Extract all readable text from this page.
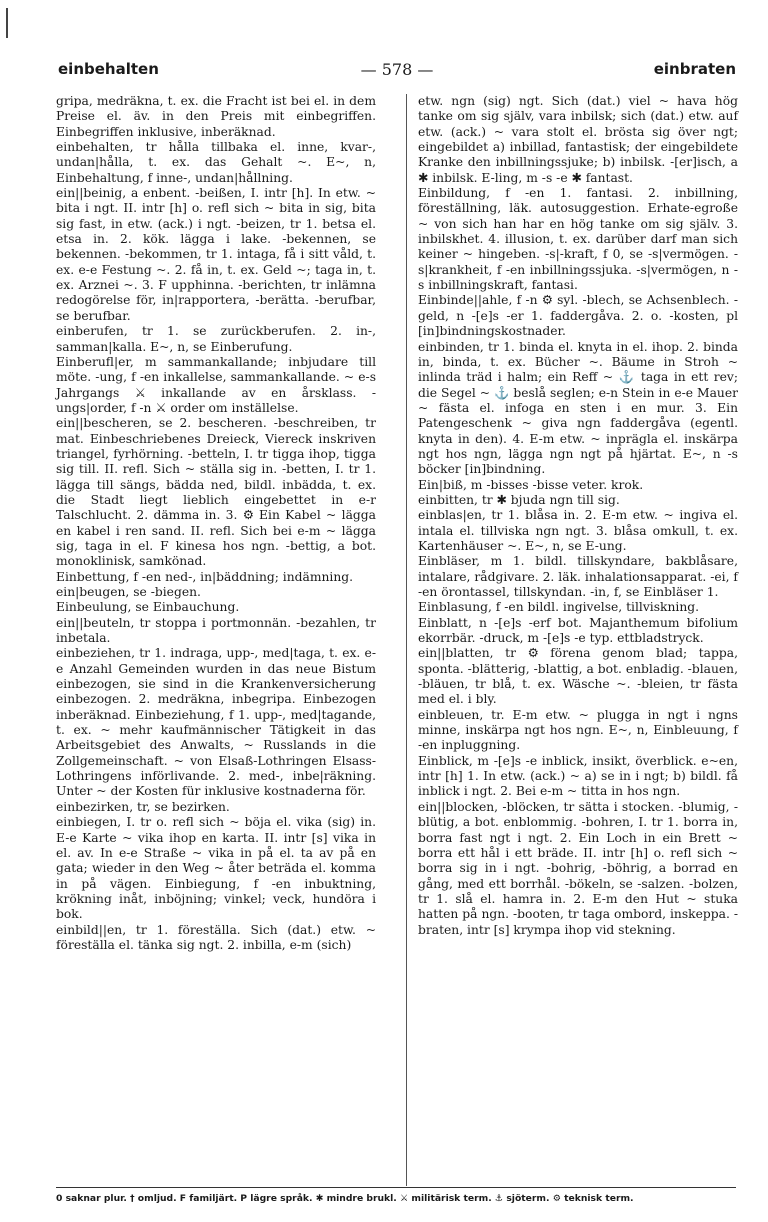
einbehalten	— 578 —	einbraten

gripa, medräkna, t. ex. die Fracht ist bei el. in dem Preise el. äv. in den Preis mit einbegriffen. Einbegriffen inklusive, inberäknad.

einbehalten, tr hålla tillbaka el. inne, kvar-, undan|hålla, t. ex. das Gehalt ~. E~, n, Einbehaltung, f inne-, undan|hållning.

ein||beinig, a enbent. -beißen, I. intr [h]. In etw. ~ bita i ngt. II. intr [h] o. refl sich ~ bita in sig, bita sig fast, in etw. (ack.) i ngt. -beizen, tr 1. betsa el. etsa in. 2. kök. lägga i lake. -bekennen, se bekennen. -bekommen, tr 1. intaga, få i sitt våld, t. ex. e-e Festung ~. 2. få in, t. ex. Geld ~; taga in, t. ex. Arznei ~. 3. F upphinna. -berichten, tr inlämna redogörelse för, in|rapportera, -berätta. -berufbar, se berufbar.

einberufen, tr 1. se zurückberufen. 2. in-, samman|kalla. E~, n, se Einberufung.

Einberufl|er, m sammankallande; inbjudare till möte. -ung, f -en inkallelse, sammankallande. ~ e-s Jahrgangs ⚔ inkallande av en årsklass. -ungs|order, f -n ⚔ order om inställelse.

ein||bescheren, se 2. bescheren. -beschreiben, tr mat. Einbeschriebenes Dreieck, Viereck inskriven triangel, fyrhörning. -betteln, I. tr tigga ihop, tigga sig till. II. refl. Sich ~ ställa sig in. -betten, I. tr 1. lägga till sängs, bädda ned, bildl. inbädda, t. ex. die Stadt liegt lieblich eingebettet in e-r Talschlucht. 2. dämma in. 3. ⚙ Ein Kabel ~ lägga en kabel i ren sand. II. refl. Sich bei e-m ~ lägga sig, taga in el. F kinesa hos ngn. -bettig, a bot. monoklinisk, samkönad.

Einbettung, f -en ned-, in|bäddning; indämning.

ein|beugen, se -biegen.

Einbeulung, se Einbauchung.

ein||beuteln, tr stoppa i portmonnän. -bezahlen, tr inbetala.

einbeziehen, tr 1. indraga, upp-, med|taga, t. ex. e-e Anzahl Gemeinden wurden in das neue Bistum einbezogen, sie sind in die Krankenversicherung einbezogen. 2. medräkna, inbegripa. Einbezogen inberäknad. Einbeziehung, f 1. upp-, med|tagande, t. ex. ~ mehr kaufmännischer Tätigkeit in das Arbeitsgebiet des Anwalts, ~ Russlands in die Zollgemeinschaft. ~ von Elsaß-Lothringen Elsass-Lothringens införlivande. 2. med-, inbe|räkning. Unter ~ der Kosten für inklusive kostnaderna för.

einbezirken, tr, se bezirken.

einbiegen, I. tr o. refl sich ~ böja el. vika (sig) in. E-e Karte ~ vika ihop en karta. II. intr [s] vika in el. av. In e-e Straße ~ vika in på el. ta av på en gata; wieder in den Weg ~ åter beträda el. komma in på vägen. Einbiegung, f -en inbuktning, krökning inåt, inböjning; vinkel; veck, hundöra i bok.

einbild||en, tr 1. föreställa. Sich (dat.) etw. ~ föreställa el. tänka sig ngt. 2. inbilla, e-m (sich)

etw. ngn (sig) ngt. Sich (dat.) viel ~ hava hög tanke om sig själv, vara inbilsk; sich (dat.) etw. auf etw. (ack.) ~ vara stolt el. brösta sig över ngt; eingebildet a) inbillad, fantastisk; der eingebildete Kranke den inbillningssjuke; b) inbilsk. -[er]isch, a ✱ inbilsk. E-ling, m -s -e ✱ fantast.

Einbildung, f -en 1. fantasi. 2. inbillning, föreställning, läk. autosuggestion. Erhate-egroße ~ von sich han har en hög tanke om sig själv. 3. inbilskhet. 4. illusion, t. ex. darüber darf man sich keiner ~ hingeben. -s|-kraft, f 0, se -s|vermögen. -s|krankheit, f -en inbillningssjuka. -s|vermögen, n -s inbillningskraft, fantasi.

Einbinde||ahle, f -n ⚙ syl. -blech, se Achsenblech. -geld, n -[e]s -er 1. faddergåva. 2. o. -kosten, pl [in]bindningskostnader.

einbinden, tr 1. binda el. knyta in el. ihop. 2. binda in, binda, t. ex. Bücher ~. Bäume in Stroh ~ inlinda träd i halm; ein Reff ~ ⚓ taga in ett rev; die Segel ~ ⚓ beslå seglen; e-n Stein in e-e Mauer ~ fästa el. infoga en sten i en mur. 3. Ein Patengeschenk ~ giva ngn faddergåva (egentl. knyta in den). 4. E-m etw. ~ inprägla el. inskärpa ngt hos ngn, lägga ngn ngt på hjärtat. E~, n -s böcker [in]bindning.

Ein|biß, m -bisses -bisse veter. krok.

einbitten, tr ✱ bjuda ngn till sig.

einblas|en, tr 1. blåsa in. 2. E-m etw. ~ ingiva el. intala el. tillviska ngn ngt. 3. blåsa omkull, t. ex. Kartenhäuser ~. E~, n, se E-ung.

Einbläser, m 1. bildl. tillskyndare, bakblåsare, intalare, rådgivare. 2. läk. inhalationsapparat. -ei, f -en örontassel, tillskyndan. -in, f, se Einbläser 1.

Einblasung, f -en bildl. ingivelse, tillviskning.

Einblatt, n -[e]s -erf bot. Majanthemum bifolium ekorrbär. -druck, m -[e]s -e typ. ettbladstryck.

ein||blatten, tr ⚙ förena genom blad; tappa, sponta. -blätterig, -blattig, a bot. enbladig. -blauen, -bläuen, tr blå, t. ex. Wäsche ~. -bleien, tr fästa med el. i bly.

einbleuen, tr. E-m etw. ~ plugga in ngt i ngns minne, inskärpa ngt hos ngn. E~, n, Einbleuung, f -en inpluggning.

Einblick, m -[e]s -e inblick, insikt, överblick. e~en, intr [h] 1. In etw. (ack.) ~ a) se in i ngt; b) bildl. få inblick i ngt. 2. Bei e-m ~ titta in hos ngn.

ein||blocken, -blöcken, tr sätta i stocken. -blumig, -blütig, a bot. enblommig. -bohren, I. tr 1. borra in, borra fast ngt i ngt. 2. Ein Loch in ein Brett ~ borra ett hål i ett bräde. II. intr [h] o. refl sich ~ borra sig in i ngt. -bohrig, -böhrig, a borrad en gång, med ett borrhål. -bökeln, se -salzen. -bolzen, tr 1. slå el. hamra in. 2. E-m den Hut ~ stuka hatten på ngn. -booten, tr taga ombord, inskeppa. -braten, intr [s] krympa ihop vid stekning.

0 saknar plur. † omljud. F familjärt. P lägre språk. ✱ mindre brukl. ⚔ militärisk term. ⚓ sjöterm. ⚙ teknisk term.
